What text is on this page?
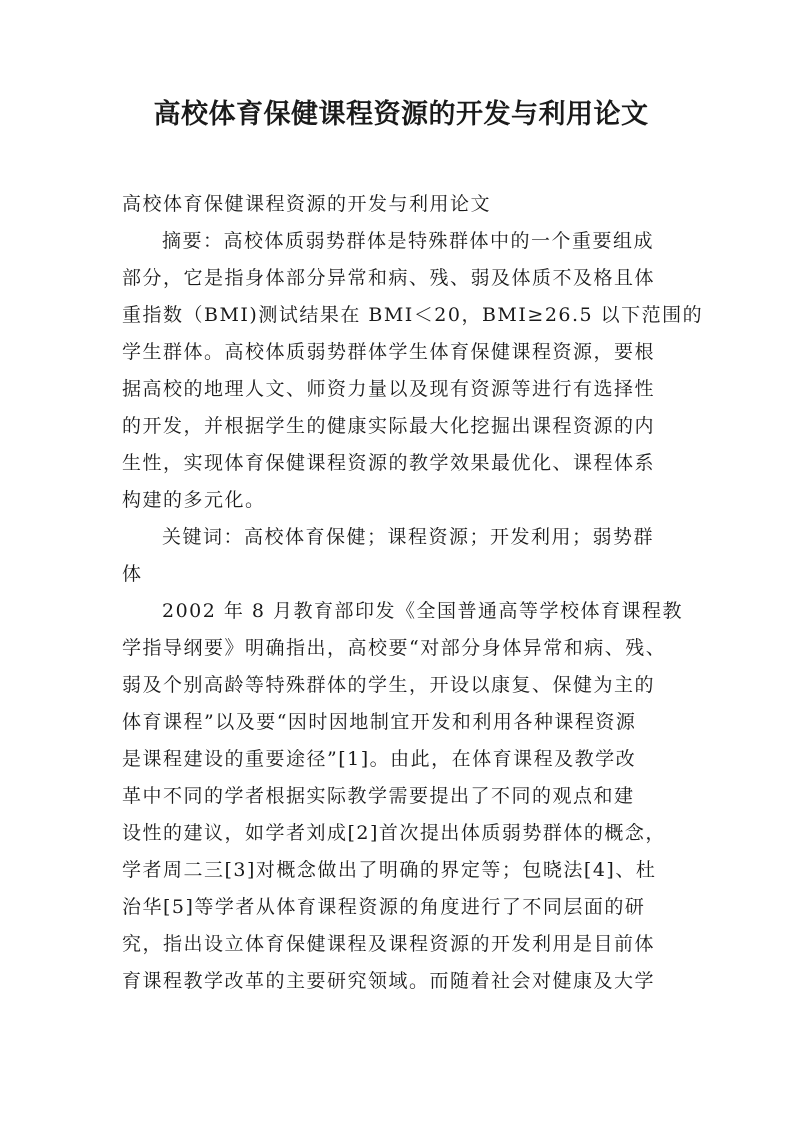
高校体育保健课程资源的开发与利用论文
高校体育保健课程资源的开发与利用论文
摘要：高校体质弱势群体是特殊群体中的一个重要组成
部分，它是指身体部分异常和病、残、弱及体质不及格且体
重指数（BMI)测试结果在 BMI＜20，BMI≥26.5 以下范围的
学生群体。高校体质弱势群体学生体育保健课程资源，要根
据高校的地理人文、师资力量以及现有资源等进行有选择性
的开发，并根据学生的健康实际最大化挖掘出课程资源的内
生性，实现体育保健课程资源的教学效果最优化、课程体系
构建的多元化。
关键词：高校体育保健；课程资源；开发利用；弱势群
体
2002 年 8 月教育部印发《全国普通高等学校体育课程教
学指导纲要》明确指出，高校要“对部分身体异常和病、残、
弱及个别高龄等特殊群体的学生，开设以康复、保健为主的
体育课程”以及要“因时因地制宜开发和利用各种课程资源
是课程建设的重要途径”[1]。由此，在体育课程及教学改
革中不同的学者根据实际教学需要提出了不同的观点和建
设性的建议，如学者刘成[2]首次提出体质弱势群体的概念，
学者周二三[3]对概念做出了明确的界定等；包晓法[4]、杜
治华[5]等学者从体育课程资源的角度进行了不同层面的研
究，指出设立体育保健课程及课程资源的开发利用是目前体
育课程教学改革的主要研究领域。而随着社会对健康及大学
